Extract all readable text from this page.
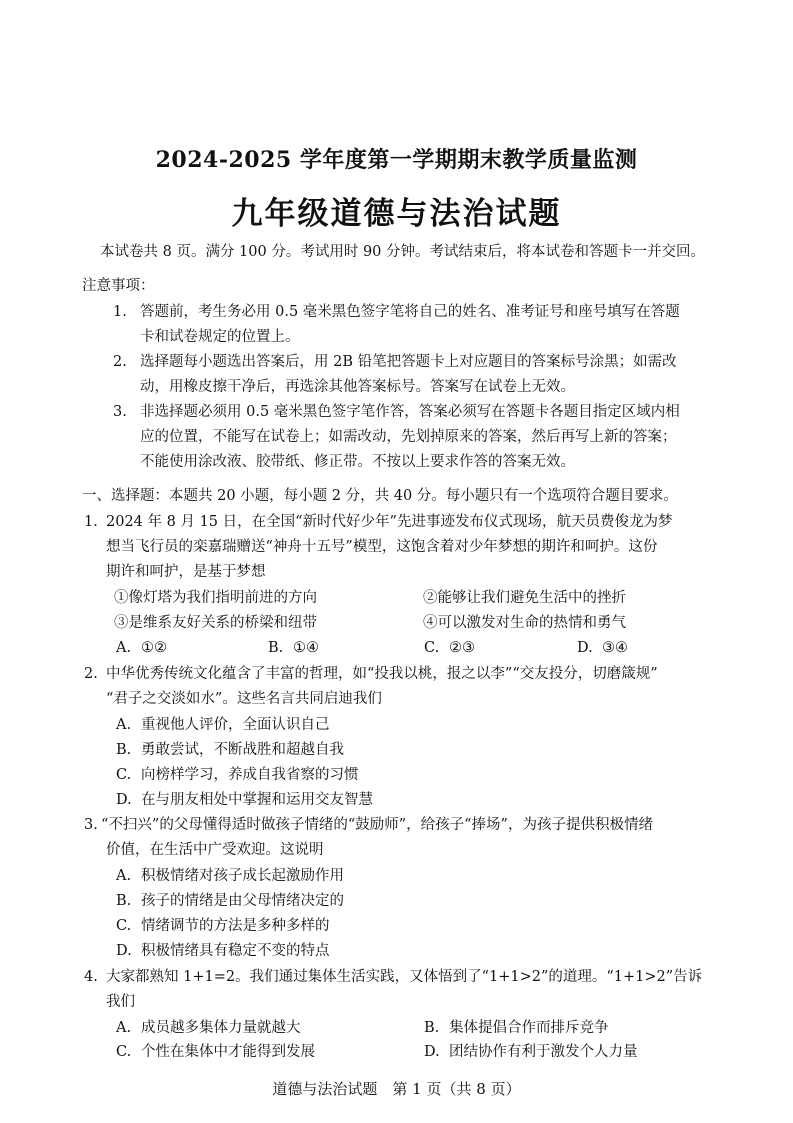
2024-2025 学年度第一学期期末教学质量监测
九年级道德与法治试题
本试卷共 8 页。满分 100 分。考试用时 90 分钟。考试结束后，将本试卷和答题卡一并交回。
注意事项：
1. 答题前，考生务必用 0.5 毫米黑色签字笔将自己的姓名、准考证号和座号填写在答题
卡和试卷规定的位置上。
2. 选择题每小题选出答案后，用 2B 铅笔把答题卡上对应题目的答案标号涂黑；如需改
动，用橡皮擦干净后，再选涂其他答案标号。答案写在试卷上无效。
3. 非选择题必须用 0.5 毫米黑色签字笔作答，答案必须写在答题卡各题目指定区域内相
应的位置，不能写在试卷上；如需改动，先划掉原来的答案，然后再写上新的答案；
不能使用涂改液、胶带纸、修正带。不按以上要求作答的答案无效。
一、选择题：本题共 20 小题，每小题 2 分，共 40 分。每小题只有一个选项符合题目要求。
1. 2024 年 8 月 15 日，在全国“新时代好少年”先进事迹发布仪式现场，航天员费俊龙为梦
想当飞行员的栾嘉瑞赠送“神舟十五号”模型，这饱含着对少年梦想的期许和呵护。这份
期许和呵护，是基于梦想
①像灯塔为我们指明前进的方向	②能够让我们避免生活中的挫折
③是维系友好关系的桥梁和纽带	④可以激发对生命的热情和勇气
A. ①②	B. ①④	C. ②③	D. ③④
2. 中华优秀传统文化蕴含了丰富的哲理，如“投我以桃，报之以李”“交友投分，切磨箴规”
“君子之交淡如水”。这些名言共同启迪我们
A. 重视他人评价，全面认识自己
B. 勇敢尝试，不断战胜和超越自我
C. 向榜样学习，养成自我省察的习惯
D. 在与朋友相处中掌握和运用交友智慧
3. “不扫兴”的父母懂得适时做孩子情绪的“鼓励师”，给孩子“捧场”，为孩子提供积极情绪
价值，在生活中广受欢迎。这说明
A. 积极情绪对孩子成长起激励作用
B. 孩子的情绪是由父母情绪决定的
C. 情绪调节的方法是多种多样的
D. 积极情绪具有稳定不变的特点
4. 大家都熟知 1+1=2。我们通过集体生活实践，又体悟到了“1+1>2”的道理。“1+1>2”告诉
我们
A. 成员越多集体力量就越大	B. 集体提倡合作而排斥竞争
C. 个性在集体中才能得到发展	D. 团结协作有利于激发个人力量
道德与法治试题　第 1 页（共 8 页）
